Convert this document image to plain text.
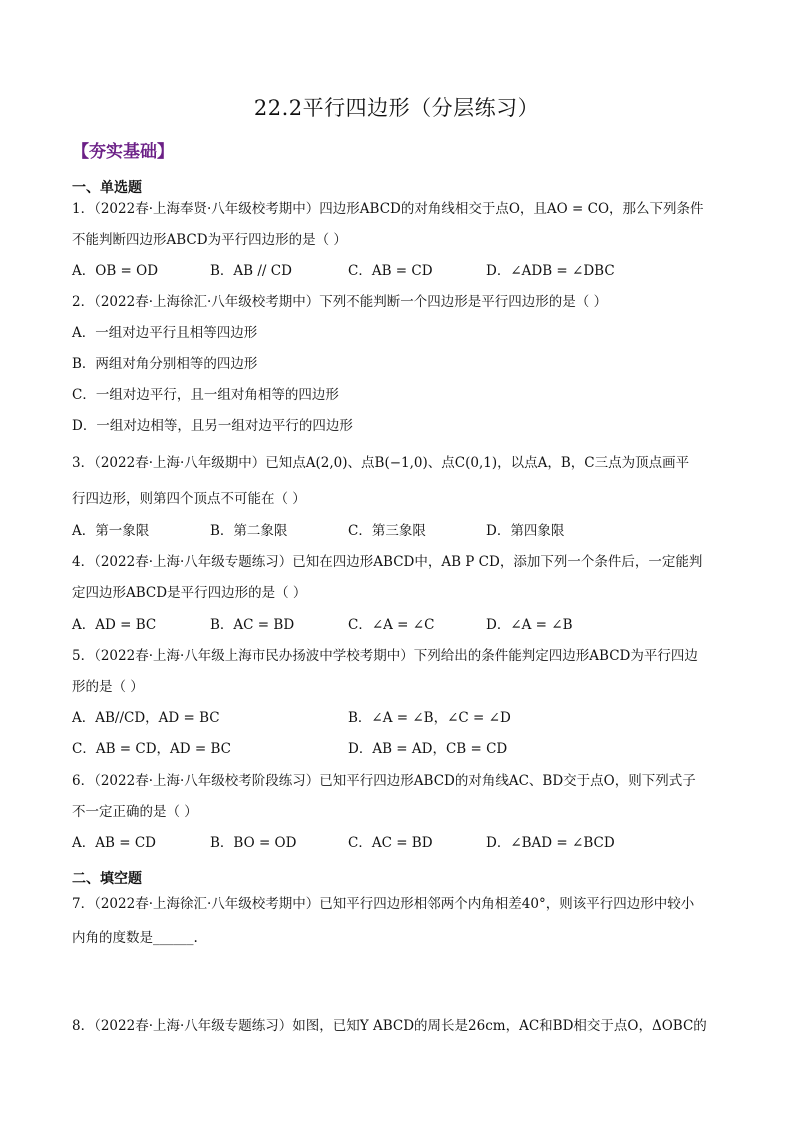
22.2平行四边形（分层练习）
【夯实基础】
一、单选题
1．（2022春·上海奉贤·八年级校考期中）四边形ABCD的对角线相交于点O，且AO = CO，那么下列条件
不能判断四边形ABCD为平行四边形的是（ ）
A．OB = OD	B．AB // CD	C．AB = CD	D．∠ADB = ∠DBC
2．（2022春·上海徐汇·八年级校考期中）下列不能判断一个四边形是平行四边形的是（ ）
A．一组对边平行且相等四边形
B．两组对角分别相等的四边形
C．一组对边平行，且一组对角相等的四边形
D．一组对边相等，且另一组对边平行的四边形
3．（2022春·上海·八年级期中）已知点A(2,0)、点B(−1,0)、点C(0,1)，以点A，B，C三点为顶点画平
行四边形，则第四个顶点不可能在（ ）
A．第一象限	B．第二象限	C．第三象限	D．第四象限
4．（2022春·上海·八年级专题练习）已知在四边形ABCD中，AB P CD，添加下列一个条件后，一定能判
定四边形ABCD是平行四边形的是（ ）
A．AD = BC	B．AC = BD	C．∠A = ∠C	D．∠A = ∠B
5．（2022春·上海·八年级上海市民办扬波中学校考期中）下列给出的条件能判定四边形ABCD为平行四边
形的是（ ）
A．AB//CD，AD = BC	B．∠A = ∠B，∠C = ∠D
C．AB = CD，AD = BC	D．AB = AD，CB = CD
6．（2022春·上海·八年级校考阶段练习）已知平行四边形ABCD的对角线AC、BD交于点O，则下列式子
不一定正确的是（ ）
A．AB = CD	B．BO = OD	C．AC = BD	D．∠BAD = ∠BCD
二、填空题
7．（2022春·上海徐汇·八年级校考期中）已知平行四边形相邻两个内角相差40°，则该平行四边形中较小
内角的度数是______.
8．（2022春·上海·八年级专题练习）如图，已知Y ABCD的周长是26cm，AC和BD相交于点O，ΔOBC的
